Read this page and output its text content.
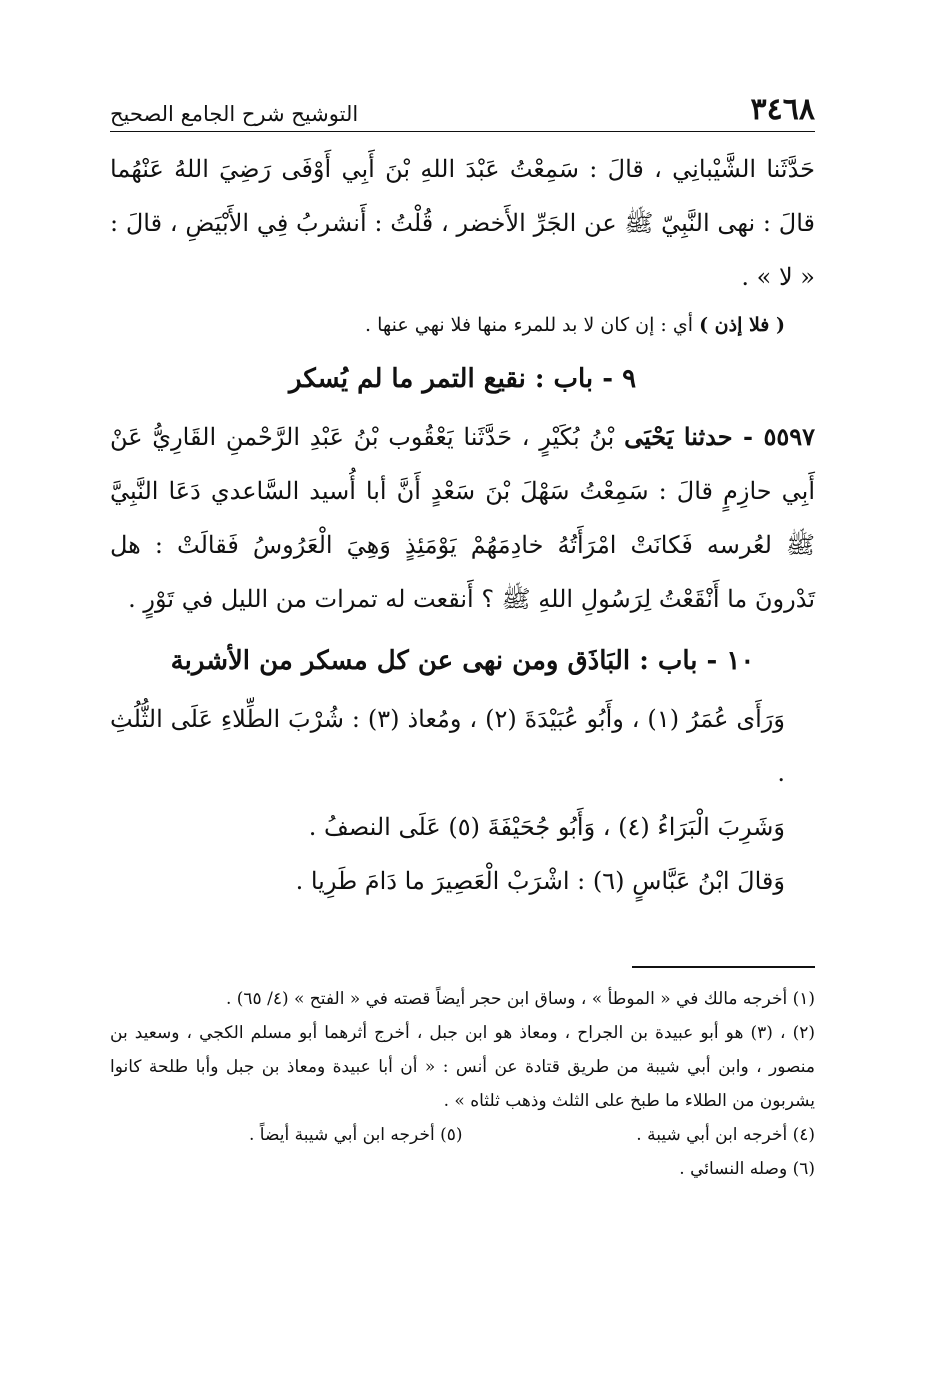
٣٤٦٨
التوشيح شرح الجامع الصحيح

حَدَّثَنا الشَّيْبانِي ، قالَ : سَمِعْتُ عَبْدَ اللهِ بْنَ أَبِي أَوْفَى رَضِيَ اللهُ عَنْهُما قالَ : نهى النَّبِيّ ﷺ عن الجَرِّ الأَخضر ، قُلْتُ : أَنشربُ فِي الأَبْيَضِ ، قالَ : « لا » .

( فلا إذن ) أي : إن كان لا بد للمرء منها فلا نهي عنها .

٩ - باب : نقيع التمر ما لم يُسكر

٥٥٩٧ - حدثنا يَحْيَى بْنُ بُكَيْرٍ ، حَدَّثَنا يَعْقُوب بْنُ عَبْدِ الرَّحْمنِ القَارِيُّ عَنْ أَبِي حازِمٍ قالَ : سَمِعْتُ سَهْلَ بْنَ سَعْدٍ أَنَّ أبا أُسيد السَّاعدي دَعَا النَّبِيَّ ﷺ لعُرسه فَكانَتْ امْرَأَتُهُ خادِمَهُمْ يَوْمَئِذٍ وَهِيَ الْعَرُوسُ فَقالَتْ : هل تَدْرونَ ما أَنْقَعْتُ لِرَسُولِ اللهِ ﷺ ؟ أَنقعت له تمرات من الليل في تَوْرٍ .

١٠ - باب : البَاذَق ومن نهى عن كل مسكر من الأشربة

وَرَأَى عُمَرُ (١) ، وأَبُو عُبَيْدَةَ (٢) ، ومُعاذ (٣) : شُرْبَ الطِّلاءِ عَلَى الثُّلُثِ .

وَشَرِبَ الْبَرَاءُ (٤) ، وَأَبُو جُحَيْفَةَ (٥) عَلَى النصفُ .

وَقالَ ابْنُ عَبَّاسٍ (٦) : اشْرَبْ الْعَصِيرَ ما دَامَ طَرِيا .

(١) أخرجه مالك في « الموطأ » ، وساق ابن حجر أيضاً قصته في « الفتح » (٤/ ٦٥) .

(٢) ، (٣) هو أبو عبيدة بن الجراح ، ومعاذ هو ابن جبل ، أخرج أثرهما أبو مسلم الكجي ، وسعيد بن منصور ، وابن أبي شيبة من طريق قتادة عن أنس : « أن أبا عبيدة ومعاذ بن جبل وأبا طلحة كانوا يشربون من الطلاء ما طبخ على الثلث وذهب ثلثاه » .

(٤) أخرجه ابن أبي شيبة .

(٥) أخرجه ابن أبي شيبة أيضاً .

(٦) وصله النسائي .
